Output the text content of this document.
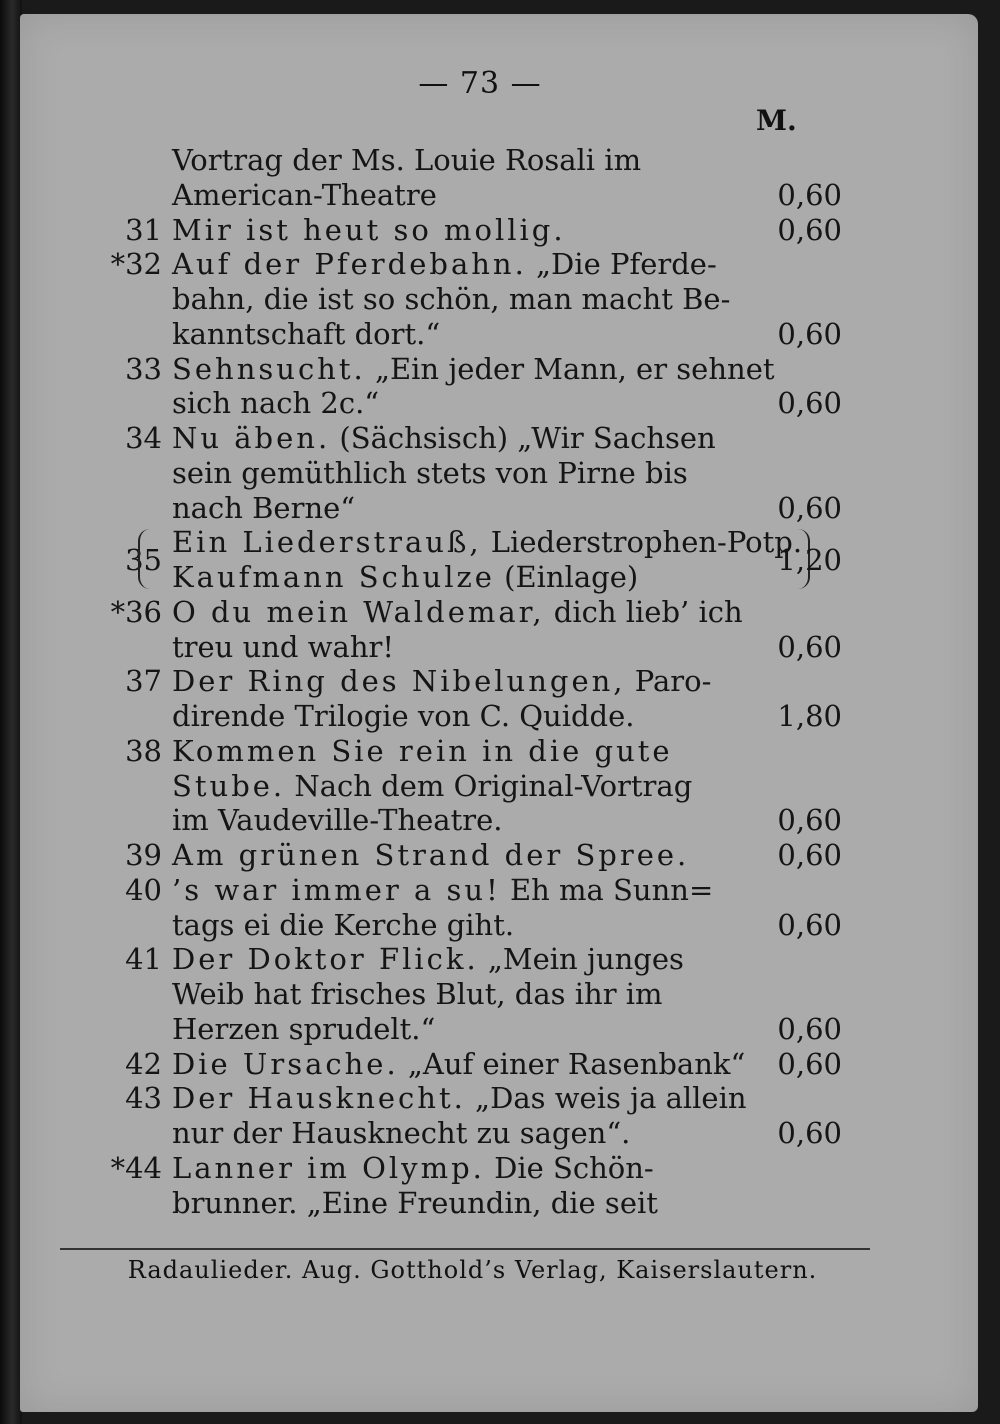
— 73 —
M.
Vortrag der Ms. Louie Rosali im
American-Theatre	0,60
31 Mir ist heut so mollig.	0,60
*32 Auf der Pferdebahn. „Die Pferde-
bahn, die ist so schön, man macht Be-
kanntschaft dort.“	0,60
33 Sehnsucht. „Ein jeder Mann, er sehnet
sich nach 2c.“	0,60
34 Nu äben. (Sächsisch) „Wir Sachsen
sein gemüthlich stets von Pirne bis
nach Berne“	0,60
35
Ein Liederstrauß, Liederstrophen-Potp.
Kaufmann Schulze (Einlage)	1,20
*36 O du mein Waldemar, dich lieb’ ich
treu und wahr!	0,60
37 Der Ring des Nibelungen, Paro-
dirende Trilogie von C. Quidde.	1,80
38 Kommen Sie rein in die gute
Stube. Nach dem Original-Vortrag
im Vaudeville-Theatre.	0,60
39 Am grünen Strand der Spree.	0,60
40 ’s war immer a su! Eh ma Sunn=
tags ei die Kerche giht.	0,60
41 Der Doktor Flick. „Mein junges
Weib hat frisches Blut, das ihr im
Herzen sprudelt.“	0,60
42 Die Ursache. „Auf einer Rasenbank“	0,60
43 Der Hausknecht. „Das weis ja allein
nur der Hausknecht zu sagen“.	0,60
*44 Lanner im Olymp. Die Schön-
brunner. „Eine Freundin, die seit
Radaulieder. Aug. Gotthold’s Verlag, Kaiserslautern.
